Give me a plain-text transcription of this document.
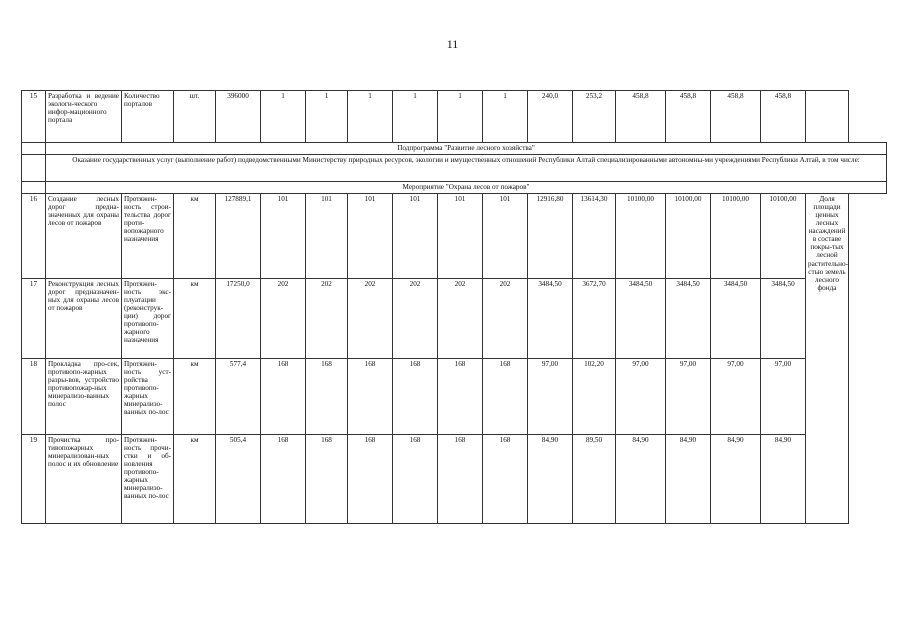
11
15	Разработка и ведение экологи-ческого инфор-мационного портала	Количество порталов	шт.	396000	1	1	1	1	1	1	240,0	253,2	458,8	458,8	458,8	458,8	
	Подпрограмма "Развитие лесного хозяйства"																
	Оказание государственных услуг (выполнение работ) подведомственными Министерству природных ресурсов, экологии и имущественных отношений Республики Алтай специализированными автономны-ми учреждениями Республики Алтай, в том числе:																
	Мероприятие "Охрана лесов от пожаров"																
16	Создание лесных дорог предна-значенных для охраны лесов от пожаров	Протяжен-ность строи-тельства дорог проти-вопожарного назначения	км	127889,1	101	101	101	101	101	101	12916,80	13614,30	10100,00	10100,00	10100,00	10100,00	Доля площади ценных лесных насаждений в составе покры-тых лесной растительно-стью земель лесного фонда
17	Реконструкция лесных дорог предназначен-ных для охраны лесов от пожаров	Протяжен-ность экс-плуатации (реконструк-ции) дорог противопо-жарного назначения	км	17250,0	202	202	202	202	202	202	3484,50	3672,70	3484,50	3484,50	3484,50	3484,50	
18	Прокладка про-сек, противопо-жарных разры-вов, устройство противопожар-ных минерализо-ванных полос	Протяжен-ность уст-ройства противопо-жарных минерализо-ванных по-лос	км	577,4	168	168	168	168	168	168	97,00	102,20	97,00	97,00	97,00	97,00	
19	Прочистка про-тивопожарных минерализован-ных полос и их обновление	Протяжен-ность прочи-стки и об-новления противопо-жарных минерализо-ванных по-лос	км	505,4	168	168	168	168	168	168	84,90	89,50	84,90	84,90	84,90	84,90	
